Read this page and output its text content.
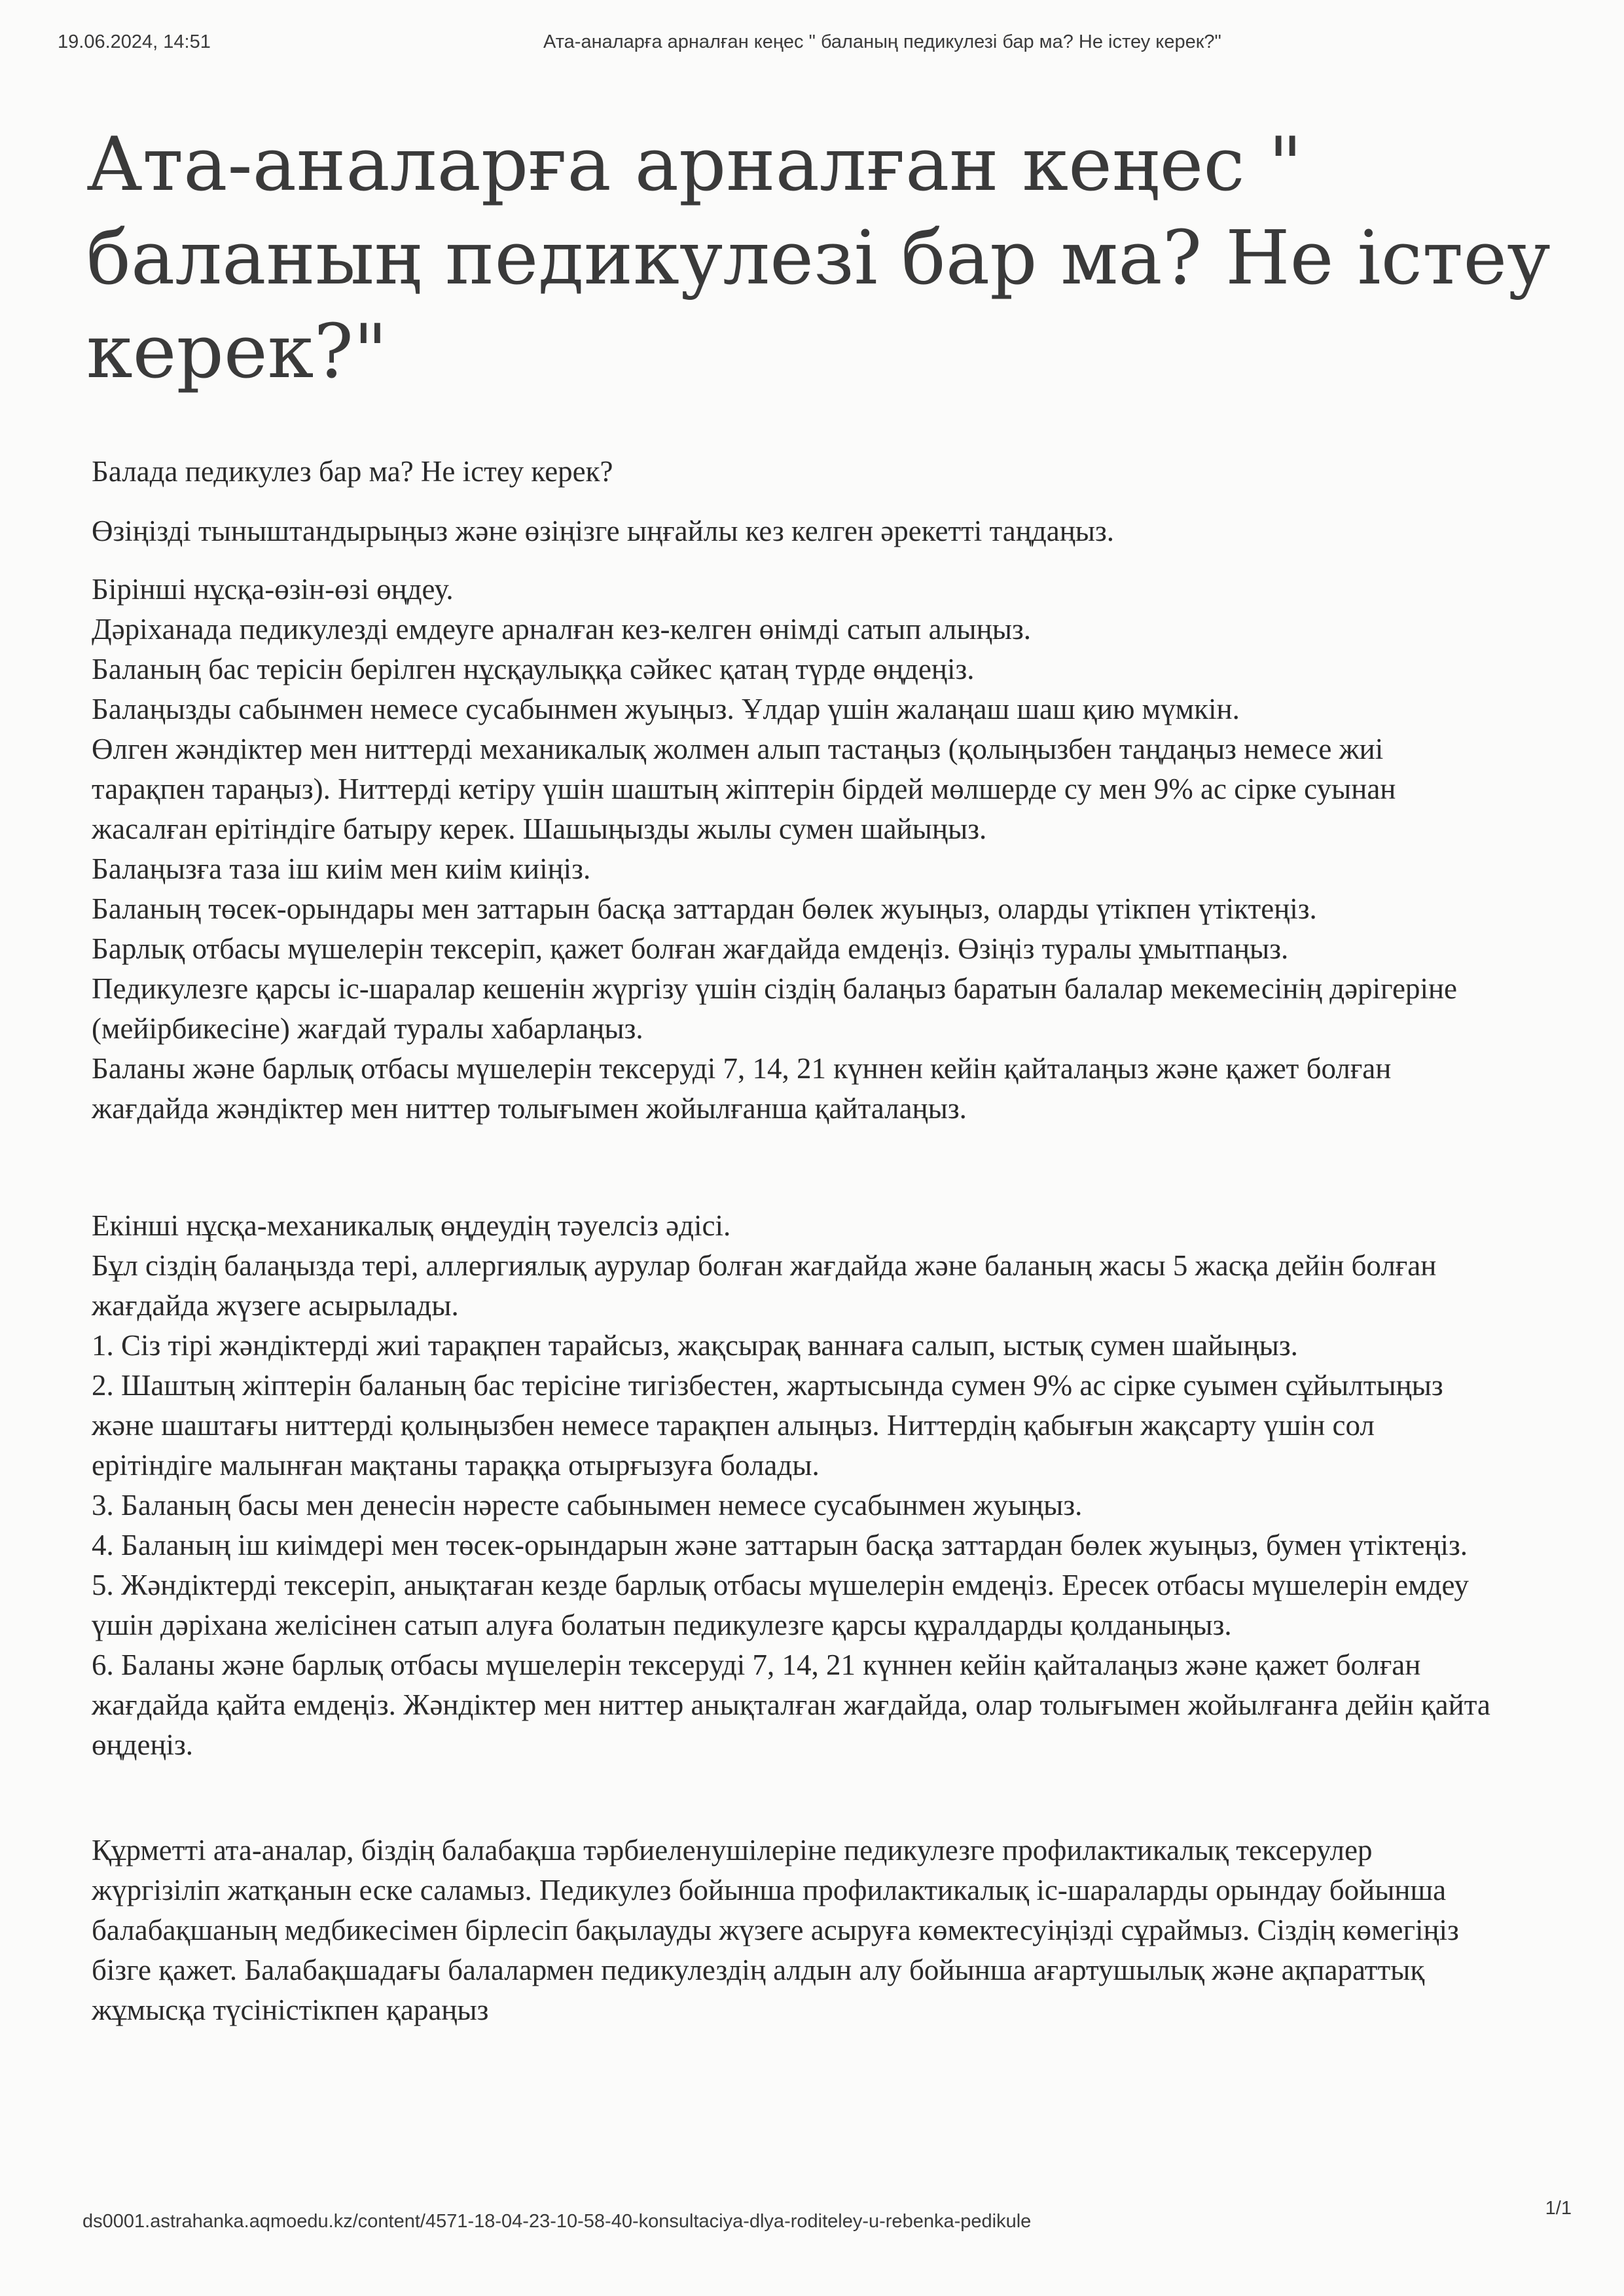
19.06.2024, 14:51	Ата-аналарға арналған кеңес " баланың педикулезі бар ма? Не істеу керек?"
Ата-аналарға арналған кеңес " баланың педикулезі бар ма? Не істеу керек?"

Балада педикулез бар ма? Не істеу керек?

Өзіңізді тыныштандырыңыз және өзіңізге ыңғайлы кез келген әрекетті таңдаңыз.

Бірінші нұсқа-өзін-өзі өңдеу.

Дәріханада педикулезді емдеуге арналған кез-келген өнімді сатып алыңыз.

Баланың бас терісін берілген нұсқаулыққа сәйкес қатаң түрде өңдеңіз.

Балаңызды сабынмен немесе сусабынмен жуыңыз. Ұлдар үшін жалаңаш шаш қию мүмкін.

Өлген жәндіктер мен ниттерді механикалық жолмен алып тастаңыз (қолыңызбен таңдаңыз немесе жиі тарақпен тараңыз). Ниттерді кетіру үшін шаштың жіптерін бірдей мөлшерде су мен 9% ас сірке суынан жасалған ерітіндіге батыру керек. Шашыңызды жылы сумен шайыңыз.

Балаңызға таза іш киім мен киім киіңіз.

Баланың төсек-орындары мен заттарын басқа заттардан бөлек жуыңыз, оларды үтікпен үтіктеңіз.

Барлық отбасы мүшелерін тексеріп, қажет болған жағдайда емдеңіз. Өзіңіз туралы ұмытпаңыз.

Педикулезге қарсы іс-шаралар кешенін жүргізу үшін сіздің балаңыз баратын балалар мекемесінің дәрігеріне (мейірбикесіне) жағдай туралы хабарлаңыз.

Баланы және барлық отбасы мүшелерін тексеруді 7, 14, 21 күннен кейін қайталаңыз және қажет болған жағдайда жәндіктер мен ниттер толығымен жойылғанша қайталаңыз.

Екінші нұсқа-механикалық өңдеудің тәуелсіз әдісі.

Бұл сіздің балаңызда тері, аллергиялық аурулар болған жағдайда және баланың жасы 5 жасқа дейін болған жағдайда жүзеге асырылады.

1. Сіз тірі жәндіктерді жиі тарақпен тарайсыз, жақсырақ ваннаға салып, ыстық сумен шайыңыз.

2. Шаштың жіптерін баланың бас терісіне тигізбестен, жартысында сумен 9% ас сірке суымен сұйылтыңыз және шаштағы ниттерді қолыңызбен немесе тарақпен алыңыз. Ниттердің қабығын жақсарту үшін сол ерітіндіге малынған мақтаны тараққа отырғызуға болады.

3. Баланың басы мен денесін нәресте сабынымен немесе сусабынмен жуыңыз.

4. Баланың іш киімдері мен төсек-орындарын және заттарын басқа заттардан бөлек жуыңыз, бумен үтіктеңіз.

5. Жәндіктерді тексеріп, анықтаған кезде барлық отбасы мүшелерін емдеңіз. Ересек отбасы мүшелерін емдеу үшін дәріхана желісінен сатып алуға болатын педикулезге қарсы құралдарды қолданыңыз.

6. Баланы және барлық отбасы мүшелерін тексеруді 7, 14, 21 күннен кейін қайталаңыз және қажет болған жағдайда қайта емдеңіз. Жәндіктер мен ниттер анықталған жағдайда, олар толығымен жойылғанға дейін қайта өңдеңіз.

Құрметті ата-аналар, біздің балабақша тәрбиеленушілеріне педикулезге профилактикалық тексерулер жүргізіліп жатқанын еске саламыз. Педикулез бойынша профилактикалық іс-шараларды орындау бойынша балабақшаның медбикесімен бірлесіп бақылауды жүзеге асыруға көмектесуіңізді сұраймыз. Сіздің көмегіңіз бізге қажет. Балабақшадағы балалармен педикулездің алдын алу бойынша ағартушылық және ақпараттық жұмысқа түсіністікпен қараңыз

ds0001.astrahanka.aqmoedu.kz/content/4571-18-04-23-10-58-40-konsultaciya-dlya-roditeley-u-rebenka-pedikule
1/1
